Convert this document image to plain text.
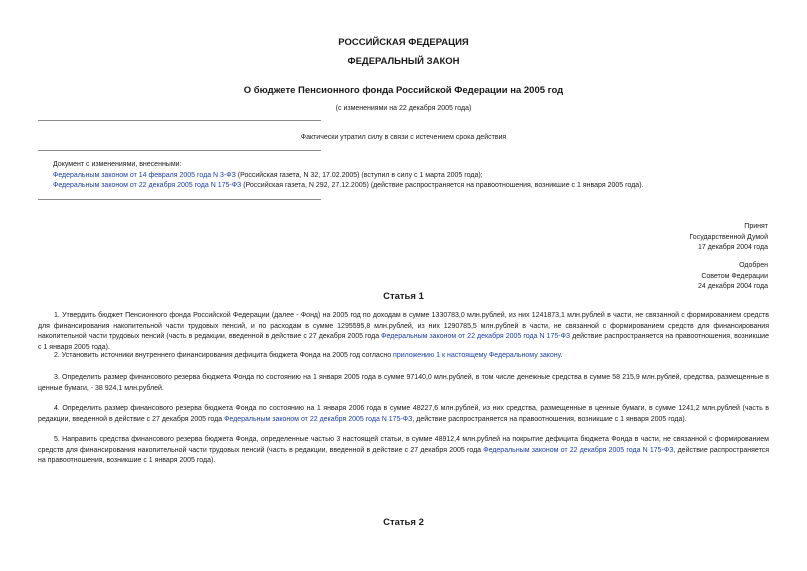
РОССИЙСКАЯ ФЕДЕРАЦИЯ
ФЕДЕРАЛЬНЫЙ ЗАКОН
О бюджете Пенсионного фонда Российской Федерации на 2005 год
(с изменениями на 22 декабря 2005 года)
Фактически утратил силу в связи с истечением срока действия
Документ с изменениями, внесенными:
Федеральным законом от 14 февраля 2005 года N 3-ФЗ (Российская газета, N 32, 17.02.2005) (вступил в силу с 1 марта 2005 года);
Федеральным законом от 22 декабря 2005 года N 175-ФЗ (Российская газета, N 292, 27.12.2005) (действие распространяется на правоотношения, возникшие с 1 января 2005 года).
Принят
Государственной Думой
17 декабря 2004 года
Одобрен
Советом Федерации
24 декабря 2004 года
Статья 1

1. Утвердить бюджет Пенсионного фонда Российской Федерации (далее - Фонд) на 2005 год по доходам в сумме 1330783,0 млн.рублей, из них 1241873,1 млн.рублей в части, не связанной с формированием средств для финансирования накопительной части трудовых пенсий, и по расходам в сумме 1295595,8 млн.рублей, из них 1290785,5 млн.рублей в части, не связанной с формированием средств для финансирования накопительной части трудовых пенсий (часть в редакции, введенной в действие с 27 декабря 2005 года Федеральным законом от 22 декабря 2005 года N 175-ФЗ действие распространяется на правоотношения, возникшие с 1 января 2005 года).

2. Установить источники внутреннего финансирования дефицита бюджета Фонда на 2005 год согласно приложению 1 к настоящему Федеральному закону.

3. Определить размер финансового резерва бюджета Фонда по состоянию на 1 января 2005 года в сумме 97140,0 млн.рублей, в том числе денежные средства в сумме 58 215,9 млн.рублей, средства, размещенные в ценные бумаги, - 38 924,1 млн.рублей.

4. Определить размер финансового резерва бюджета Фонда по состоянию на 1 января 2006 года в сумме 48227,6 млн.рублей, из них средства, размещенные в ценные бумаги, в сумме 1241,2 млн.рублей (часть в редакции, введенной в действие с 27 декабря 2005 года Федеральным законом от 22 декабря 2005 года N 175-ФЗ, действие распространяется на правоотношения, возникшие с 1 января 2005 года).

5. Направить средства финансового резерва бюджета Фонда, определенные частью 3 настоящей статьи, в сумме 48912,4 млн.рублей на покрытие дефицита бюджета Фонда в части, не связанной с формированием средств для финансирования накопительной части трудовых пенсий (часть в редакции, введенной в действие с 27 декабря 2005 года Федеральным законом от 22 декабря 2005 года N 175-ФЗ, действие распространяется на правоотношения, возникшие с 1 января 2005 года).

Статья 2
